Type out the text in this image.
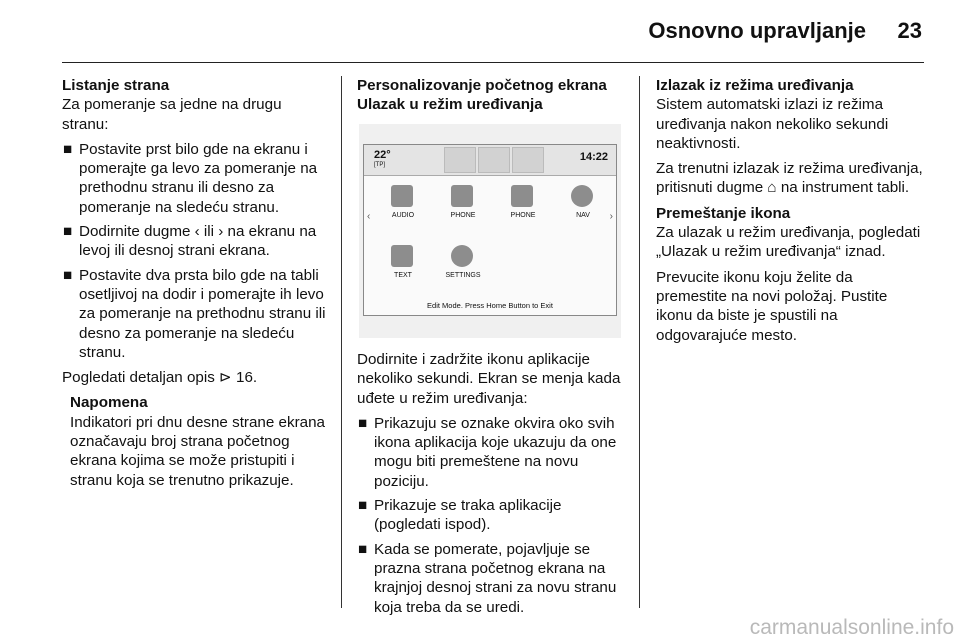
Osnovno upravljanje 23
Listanje strana

Za pomeranje sa jedne na drugu stranu:

■ Postavite prst bilo gde na ekranu i pomerajte ga levo za pomeranje na prethodnu stranu ili desno za pomeranje na sledeću stranu.
■ Dodirnite dugme ‹ ili › na ekranu na levoj ili desnoj strani ekrana.
■ Postavite dva prsta bilo gde na tabli osetljivoj na dodir i pomerajte ih levo za pomeranje na prethodnu stranu ili desno za pomeranje na sledeću stranu.

Pogledati detaljan opis ⊳ 16.

Napomena
Indikatori pri dnu desne strane ekrana označavaju broj strana početnog ekrana kojima se može pristupiti i stranu koja se trenutno prikazuje.
Personalizovanje početnog ekrana
Ulazak u režim uređivanja
22°
[TP]
14:22
AUDIO	PHONE	PHONE	NAV
TEXT	SETTINGS
‹	›
Edit Mode. Press Home Button to Exit

Dodirnite i zadržite ikonu aplikacije nekoliko sekundi. Ekran se menja kada uđete u režim uređivanja:

■ Prikazuju se oznake okvira oko svih ikona aplikacija koje ukazuju da one mogu biti premeštene na novu poziciju.
■ Prikazuje se traka aplikacije (pogledati ispod).
■ Kada se pomerate, pojavljuje se prazna strana početnog ekrana na krajnjoj desnoj strani za novu stranu koja treba da se uredi.
Izlazak iz režima uređivanja

Sistem automatski izlazi iz režima uređivanja nakon nekoliko sekundi neaktivnosti.

Za trenutni izlazak iz režima uređivanja, pritisnuti dugme ⌂ na instrument tabli.

Premeštanje ikona

Za ulazak u režim uređivanja, pogledati „Ulazak u režim uređivanja“ iznad.

Prevucite ikonu koju želite da premestite na novi položaj. Pustite ikonu da biste je spustili na odgovarajuće mesto.

carmanualsonline.info
